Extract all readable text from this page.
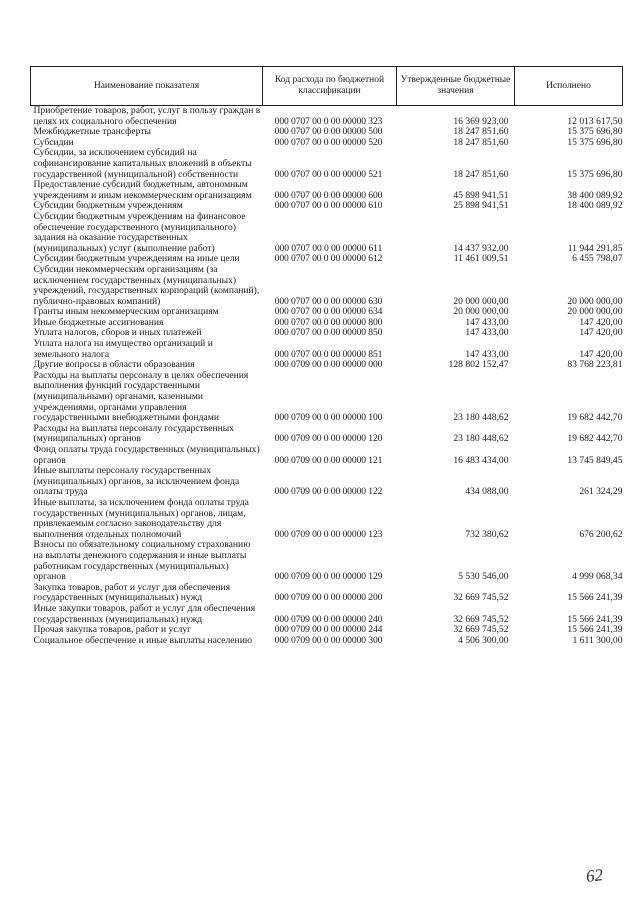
Наименование показателя	Код расхода по бюджетной классификации	Утвержденные бюджетные значения	Исполнено
Приобретение товаров, работ, услуг в пользу граждан в целях их социального обеспечения	000 0707 00 0 00 00000 323	16 369 923,00	12 013 617,50
Межбюджетные трансферты	000 0707 00 0 00 00000 500	18 247 851,60	15 375 696,80
Субсидии	000 0707 00 0 00 00000 520	18 247 851,60	15 375 696,80
Субсидии, за исключением субсидий на софинансирование капитальных вложений в объекты государственной (муниципальной) собственности	000 0707 00 0 00 00000 521	18 247 851,60	15 375 696,80
Предоставление субсидий бюджетным, автономным учреждениям и иным некоммерческим организациям	000 0707 00 0 00 00000 600	45 898 941,51	38 400 089,92
Субсидии бюджетным учреждениям	000 0707 00 0 00 00000 610	25 898 941,51	18 400 089,92
Субсидии бюджетным учреждениям на финансовое обеспечение государственного (муниципального) задания на оказание государственных (муниципальных) услуг (выполнение работ)	000 0707 00 0 00 00000 611	14 437 932,00	11 944 291,85
Субсидии бюджетным учреждениям на иные цели	000 0707 00 0 00 00000 612	11 461 009,51	6 455 798,07
Субсидии некоммерческим организациям (за исключением государственных (муниципальных) учреждений, государственных корпораций (компаний), публично-правовых компаний)	000 0707 00 0 00 00000 630	20 000 000,00	20 000 000,00
Гранты иным некоммерческим организациям	000 0707 00 0 00 00000 634	20 000 000,00	20 000 000,00
Иные бюджетные ассигнования	000 0707 00 0 00 00000 800	147 433,00	147 420,00
Уплата налогов, сборов и иных платежей	000 0707 00 0 00 00000 850	147 433,00	147 420,00
Уплата налога на имущество организаций и земельного налога	000 0707 00 0 00 00000 851	147 433,00	147 420,00
Другие вопросы в области образования	000 0709 00 0 00 00000 000	128 802 152,47	83 768 223,81
Расходы на выплаты персоналу в целях обеспечения выполнения функций государственными (муниципальными) органами, казенными учреждениями, органами управления государственными внебюджетными фондами	000 0709 00 0 00 00000 100	23 180 448,62	19 682 442,70
Расходы на выплаты персоналу государственных (муниципальных) органов	000 0709 00 0 00 00000 120	23 180 448,62	19 682 442,70
Фонд оплаты труда государственных (муниципальных) органов	000 0709 00 0 00 00000 121	16 483 434,00	13 745 849,45
Иные выплаты персоналу государственных (муниципальных) органов, за исключением фонда оплаты труда	000 0709 00 0 00 00000 122	434 088,00	261 324,29
Иные выплаты, за исключением фонда оплаты труда государственных (муниципальных) органов, лицам, привлекаемым согласно законодательству для выполнения отдельных полномочий	000 0709 00 0 00 00000 123	732 380,62	676 200,62
Взносы по обязательному социальному страхованию на выплаты денежного содержания и иные выплаты работникам государственных (муниципальных) органов	000 0709 00 0 00 00000 129	5 530 546,00	4 999 068,34
Закупка товаров, работ и услуг для обеспечения государственных (муниципальных) нужд	000 0709 00 0 00 00000 200	32 669 745,52	15 566 241,39
Иные закупки товаров, работ и услуг для обеспечения государственных (муниципальных) нужд	000 0709 00 0 00 00000 240	32 669 745,52	15 566 241,39
Прочая закупка товаров, работ и услуг	000 0709 00 0 00 00000 244	32 669 745,52	15 566 241,39
Социальное обеспечение и иные выплаты населению	000 0709 00 0 00 00000 300	4 506 300,00	1 611 300,00
62
